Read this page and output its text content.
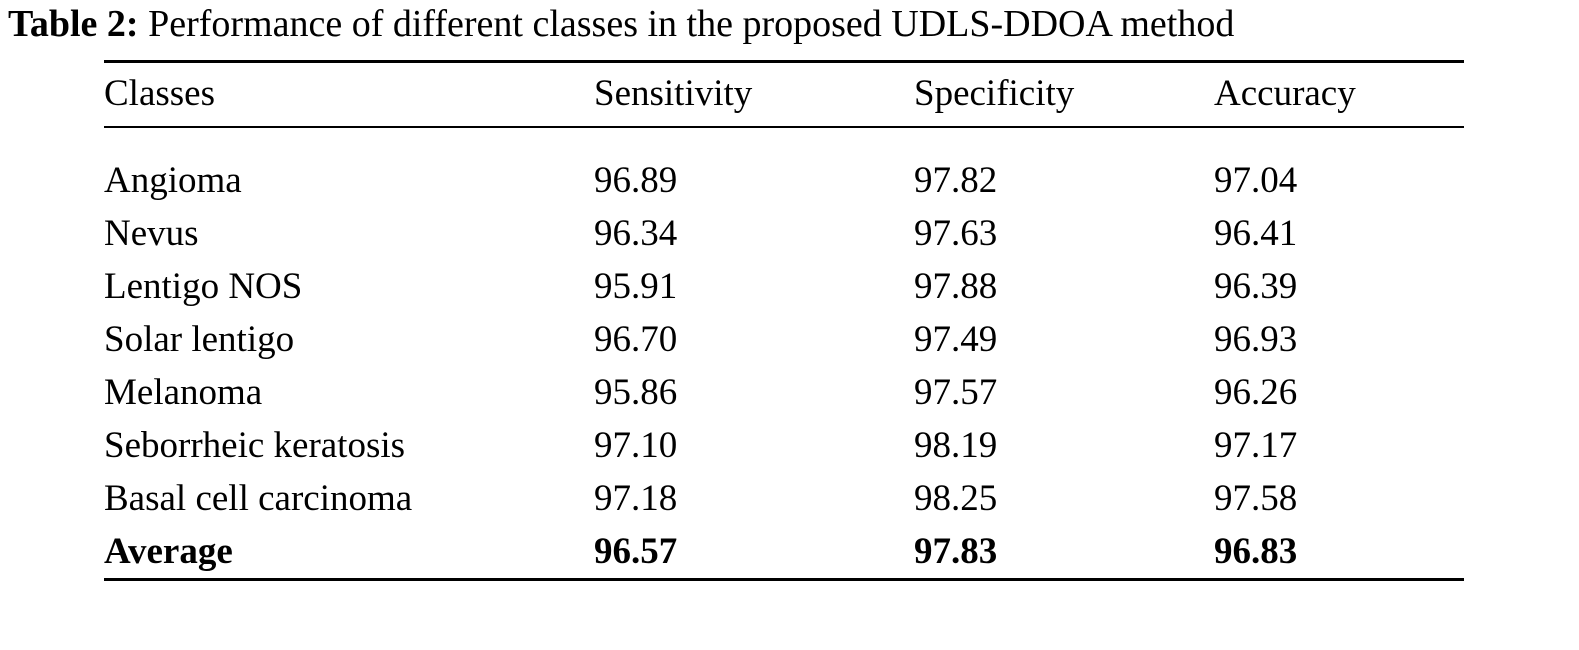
Table 2: Performance of different classes in the proposed UDLS-DDOA method
Classes	Sensitivity	Specificity	Accuracy

Angioma	96.89	97.82	97.04
Nevus	96.34	97.63	96.41
Lentigo NOS	95.91	97.88	96.39
Solar lentigo	96.70	97.49	96.93
Melanoma	95.86	97.57	96.26
Seborrheic keratosis	97.10	98.19	97.17
Basal cell carcinoma	97.18	98.25	97.58
Average	96.57	97.83	96.83
